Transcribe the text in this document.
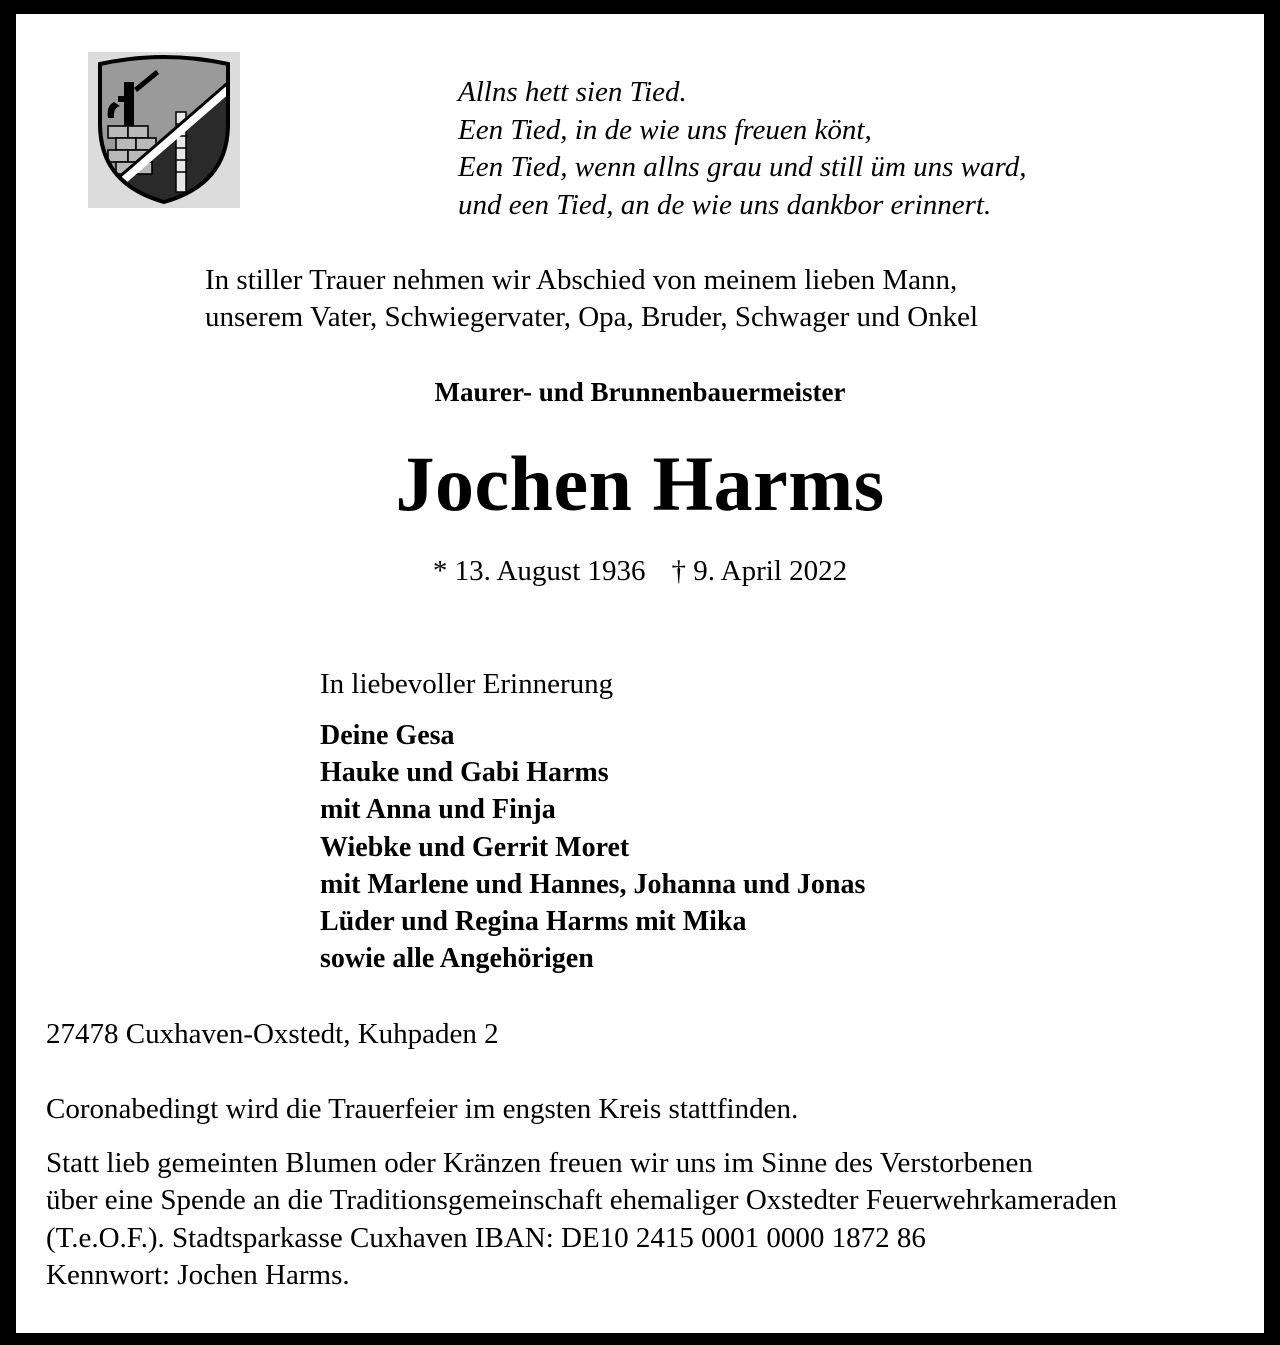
Allns hett sien Tied.
Een Tied, in de wie uns freuen könt,
Een Tied, wenn allns grau und still üm uns ward,
und een Tied, an de wie uns dankbor erinnert.
In stiller Trauer nehmen wir Abschied von meinem lieben Mann,
unserem Vater, Schwiegervater, Opa, Bruder, Schwager und Onkel
Maurer- und Brunnenbauermeister
Jochen Harms
* 13. August 1936 † 9. April 2022
In liebevoller Erinnerung
Deine Gesa
Hauke und Gabi Harms
mit Anna und Finja
Wiebke und Gerrit Moret
mit Marlene und Hannes, Johanna und Jonas
Lüder und Regina Harms mit Mika
sowie alle Angehörigen
27478 Cuxhaven-Oxstedt, Kuhpaden 2
Coronabedingt wird die Trauerfeier im engsten Kreis stattfinden.
Statt lieb gemeinten Blumen oder Kränzen freuen wir uns im Sinne des Verstorbenen
über eine Spende an die Traditionsgemeinschaft ehemaliger Oxstedter Feuerwehrkameraden
(T.e.O.F.). Stadtsparkasse Cuxhaven IBAN: DE10 2415 0001 0000 1872 86
Kennwort: Jochen Harms.
